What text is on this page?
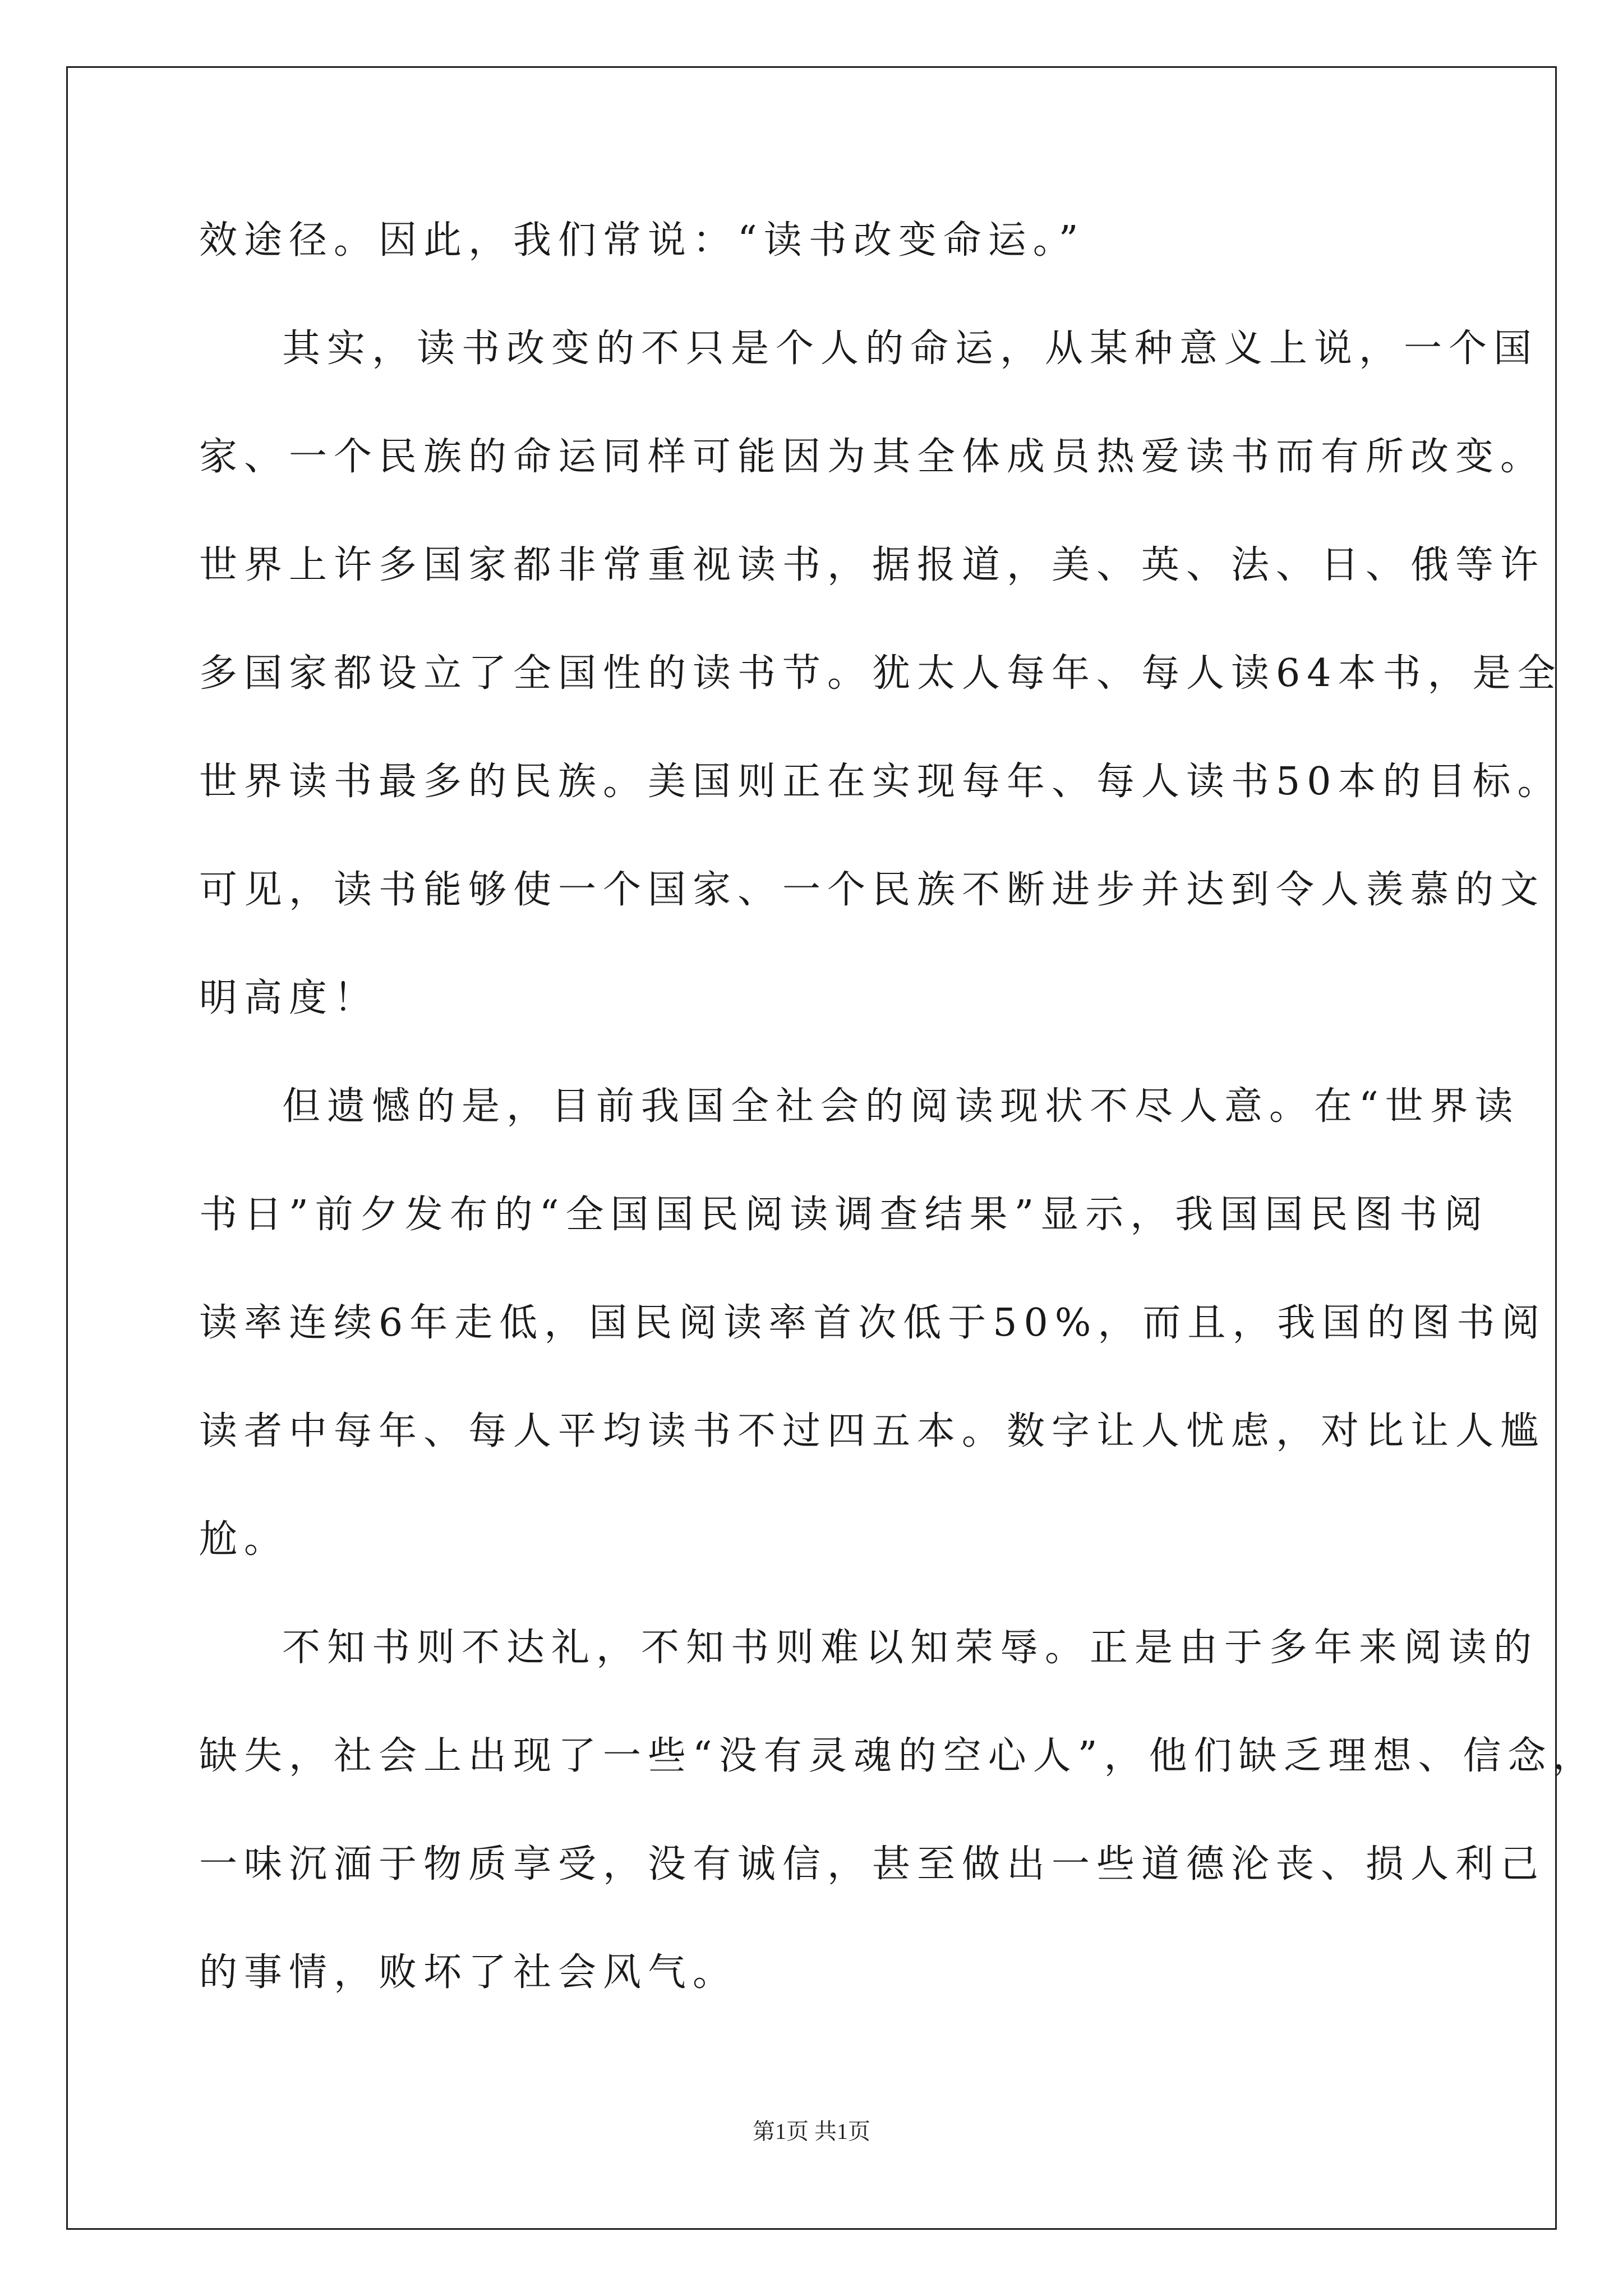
效途径。因此，我们常说：“读书改变命运。”
其实，读书改变的不只是个人的命运，从某种意义上说，一个国
家、一个民族的命运同样可能因为其全体成员热爱读书而有所改变。
世界上许多国家都非常重视读书，据报道，美、英、法、日、俄等许
多国家都设立了全国性的读书节。犹太人每年、每人读64本书，是全
世界读书最多的民族。美国则正在实现每年、每人读书50本的目标。
可见，读书能够使一个国家、一个民族不断进步并达到令人羡慕的文
明高度！
但遗憾的是，目前我国全社会的阅读现状不尽人意。在“世界读
书日”前夕发布的“全国国民阅读调查结果”显示，我国国民图书阅
读率连续6年走低，国民阅读率首次低于50%，而且，我国的图书阅
读者中每年、每人平均读书不过四五本。数字让人忧虑，对比让人尴
尬。
不知书则不达礼，不知书则难以知荣辱。正是由于多年来阅读的
缺失，社会上出现了一些“没有灵魂的空心人”，他们缺乏理想、信念，
一味沉湎于物质享受，没有诚信，甚至做出一些道德沦丧、损人利己
的事情，败坏了社会风气。
第1页 共1页
